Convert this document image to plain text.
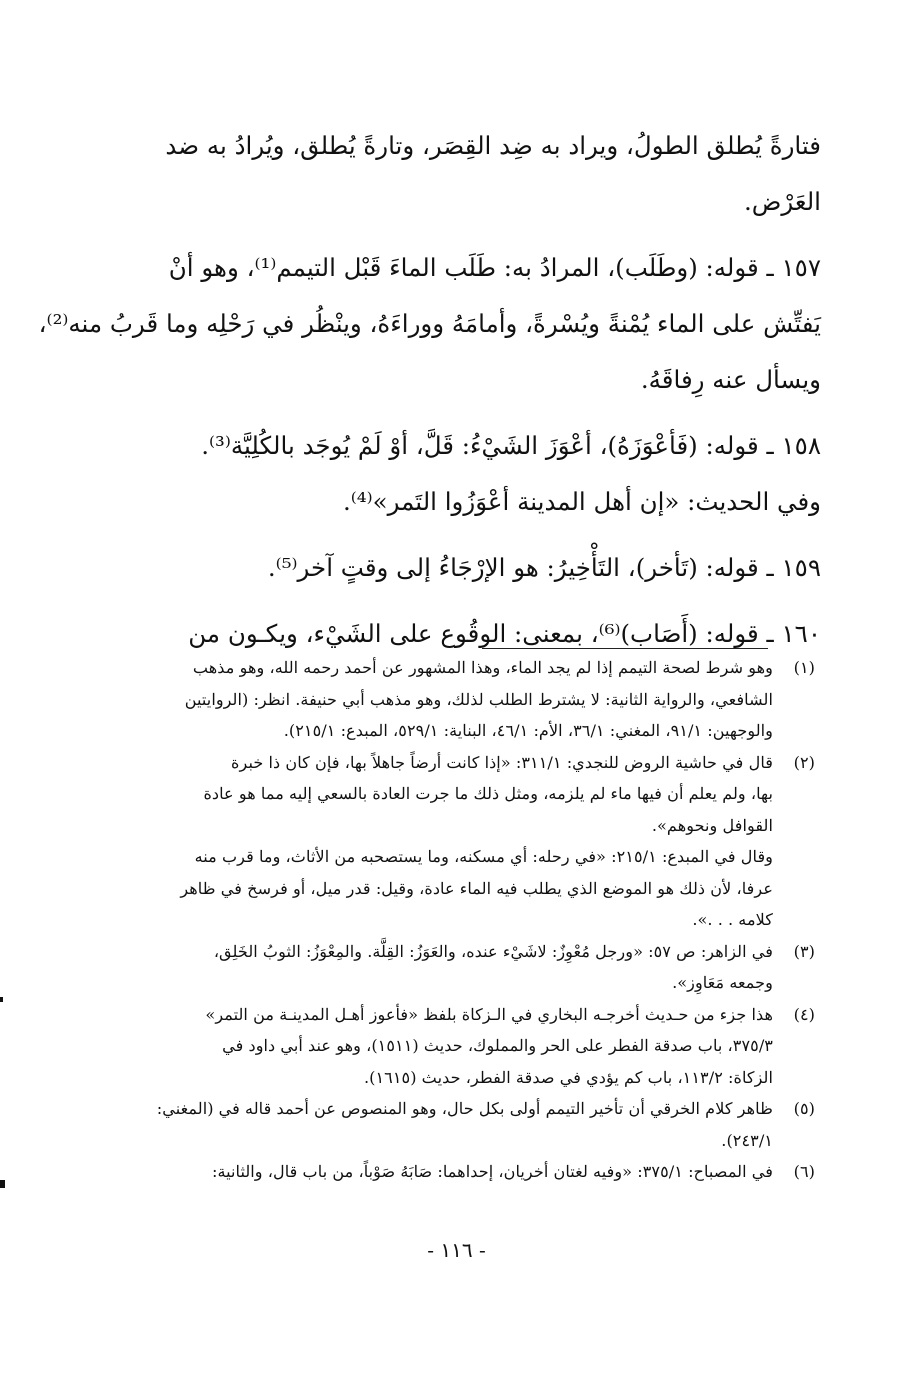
فتارةً يُطلق الطولُ، ويراد به ضِد القِصَر، وتارةً يُطلق، ويُرادُ به ضد
العَرْض.
١٥٧ ـ قوله: (وطَلَب)، المرادُ به: طَلَب الماءَ قَبْل التيمم⁽¹⁾، وهو أنْ
يَفتِّش على الماء يُمْنةً ويُسْرةً، وأمامَهُ ووراءَهُ، وينْظُر في رَحْلِه وما قَربُ منه⁽²⁾،
ويسأل عنه رِفاقَهُ.
١٥٨ ـ قوله: (فَأعْوَزَهُ)، أعْوَزَ الشَيْءُ: قَلَّ، أوْ لَمْ يُوجَد بالكُلِيَّة⁽³⁾.
وفي الحديث: «إن أهل المدينة أعْوَزُوا التَمر»⁽⁴⁾.
١٥٩ ـ قوله: (تَأخر)، التَأْخِيرُ: هو الإرْجَاءُ إلى وقتٍ آخر⁽⁵⁾.
١٦٠ ـ قوله: (أَصَاب)⁽⁶⁾، بمعنى: الوقُوع على الشَيْء، ويكـون من
(١)
وهو شرط لصحة التيمم إذا لم يجد الماء، وهذا المشهور عن أحمد رحمه الله، وهو مذهب
الشافعي، والرواية الثانية: لا يشترط الطلب لذلك، وهو مذهب أبي حنيفة. انظر: (الروايتين
والوجهين: ٩١/١، المغني: ٣٦/١، الأم: ٤٦/١، البناية: ٥٢٩/١، المبدع: ٢١٥/١).
(٢)
قال في حاشية الروض للنجدي: ٣١١/١: «إذا كانت أرضاً جاهلاً بها، فإن كان ذا خبرة
بها، ولم يعلم أن فيها ماء لم يلزمه، ومثل ذلك ما جرت العادة بالسعي إليه مما هو عادة
القوافل ونحوهم».
وقال في المبدع: ٢١٥/١: «في رحله: أي مسكنه، وما يستصحبه من الأثاث، وما قرب منه
عرفا، لأن ذلك هو الموضع الذي يطلب فيه الماء عادة، وقيل: قدر ميل، أو فرسخ في ظاهر
كلامه . . .».
(٣)
في الزاهر: ص ٥٧: «ورجل مُعْوِزٌ: لاشَيْء عنده، والعَوَزُ: القِلَّة. والمِعْوَزُ: الثوبُ الخَلِق،
وجمعه مَعَاوِز».
(٤)
هذا جزء من حـديث أخرجـه البخاري في الـزكاة بلفظ «فأعوز أهـل المدينـة من التمر»
٣٧٥/٣، باب صدقة الفطر على الحر والمملوك، حديث (١٥١١)، وهو عند أبي داود في
الزكاة: ١١٣/٢، باب كم يؤدي في صدقة الفطر، حديث (١٦١٥).
(٥)
ظاهر كلام الخرقي أن تأخير التيمم أولى بكل حال، وهو المنصوص عن أحمد قاله في (المغني:
٢٤٣/١).
(٦)
في المصباح: ٣٧٥/١: «وفيه لغتان أخريان، إحداهما: صَابَهُ صَوْباً، من باب قال، والثانية:
- ١١٦ -
